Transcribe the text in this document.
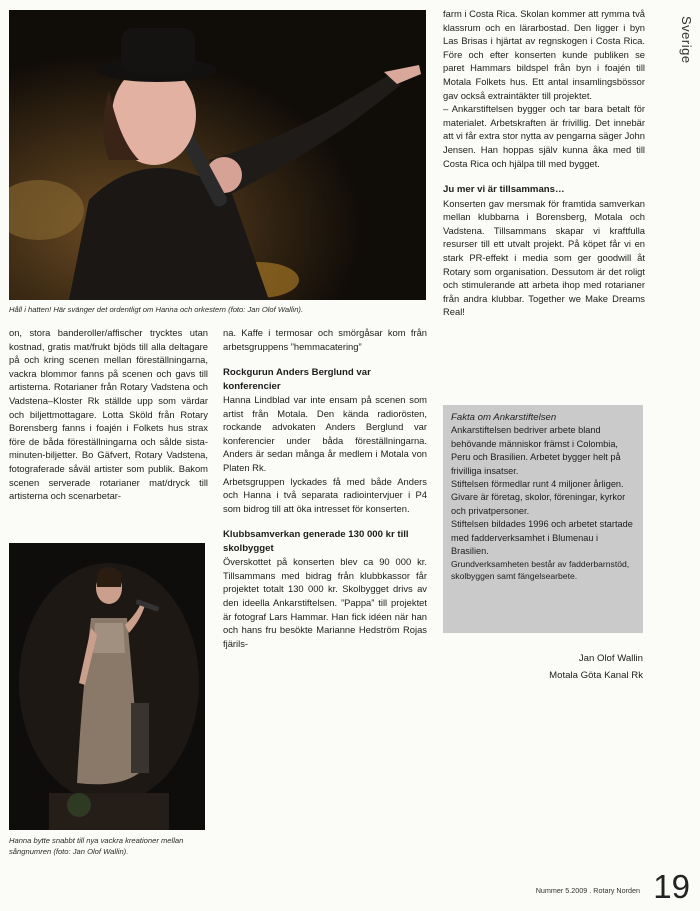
Sverige
Håll i hatten! Här svänger det ordentligt om Hanna och orkestern (foto: Jan Olof Wallin).

on, stora banderoller/affischer trycktes utan kostnad, gratis mat/frukt bjöds till alla deltagare på och kring scenen mellan föreställningarna, vackra blommor fanns på scenen och gavs till artisterna. Rotarianer från Rotary Vadstena och Vadstena–Kloster Rk ställde upp som värdar och biljettmottagare. Lotta Sköld från Rotary Borensberg fanns i foajén i Folkets hus strax före de båda föreställningarna och sålde sistaminuten-biljetter. Bo Gäfvert, Rotary Vadstena, fotograferade såväl artister som publik. Bakom scenen serverade rotarianer mat/dryck till artisterna och scenarbetar-

Hanna bytte snabbt till nya vackra kreationer mellan sångnumren (foto: Jan Olof Wallin).

na. Kaffe i termosar och smörgåsar kom från arbetsgruppens ”hemmacatering”

Rockgurun Anders Berglund var konferencier

Hanna Lindblad var inte ensam på scenen som artist från Motala. Den kända radiorösten, rockande advokaten Anders Berglund var konferencier under båda föreställningarna. Anders är sedan många år medlem i Motala von Platen Rk.

Arbetsgruppen lyckades få med både Anders och Hanna i två separata radiointervjuer i P4 som bidrog till att öka intresset för konserten.

Klubbsamverkan generade 130 000 kr till skolbygget

Överskottet på konserten blev ca 90 000 kr. Tillsammans med bidrag från klubbkassor får projektet totalt 130 000 kr. Skolbygget drivs av den ideella Ankarstiftelsen. ”Pappa” till projektet är fotograf Lars Hammar. Han fick idéen när han och hans fru besökte Marianne Hedström Rojas fjärils-

farm i Costa Rica. Skolan kommer att rymma två klassrum och en lärarbostad. Den ligger i byn Las Brisas i hjärtat av regnskogen i Costa Rica. Före och efter konserten kunde publiken se paret Hammars bildspel från byn i foajén till Motala Folkets hus. Ett antal insamlingsbössor gav också extraintäkter till projektet.

– Ankarstiftelsen bygger och tar bara betalt för materialet. Arbetskraften är frivillig. Det innebär att vi får extra stor nytta av pengarna säger John Jensen. Han hoppas själv kunna åka med till Costa Rica och hjälpa till med bygget.

Ju mer vi är tillsammans…

Konserten gav mersmak för framtida samverkan mellan klubbarna i Borensberg, Motala och Vadstena. Tillsammans skapar vi kraftfulla resurser till ett utvalt projekt. På köpet får vi en stark PR-effekt i media som ger goodwill åt Rotary som organisation. Dessutom är det roligt och stimulerande att arbeta ihop med rotarianer från andra klubbar. Together we Make Dreams Real!

Fakta om Ankarstiftelsen

Ankarstiftelsen bedriver arbete bland behövande människor främst i Colombia, Peru och Brasilien. Arbetet bygger helt på frivilliga insatser.

Stiftelsen förmedlar runt 4 miljoner årligen. Givare är företag, skolor, föreningar, kyrkor och privatpersoner.

Stiftelsen bildades 1996 och arbetet startade med fadderverksamhet i Blumenau i Brasilien.

Grundverksamheten består av fadderbarnstöd, skolbyggen samt fängelsearbete.

Jan Olof Wallin
Motala Göta Kanal Rk
Nummer 5.2009 . Rotary Norden 19
